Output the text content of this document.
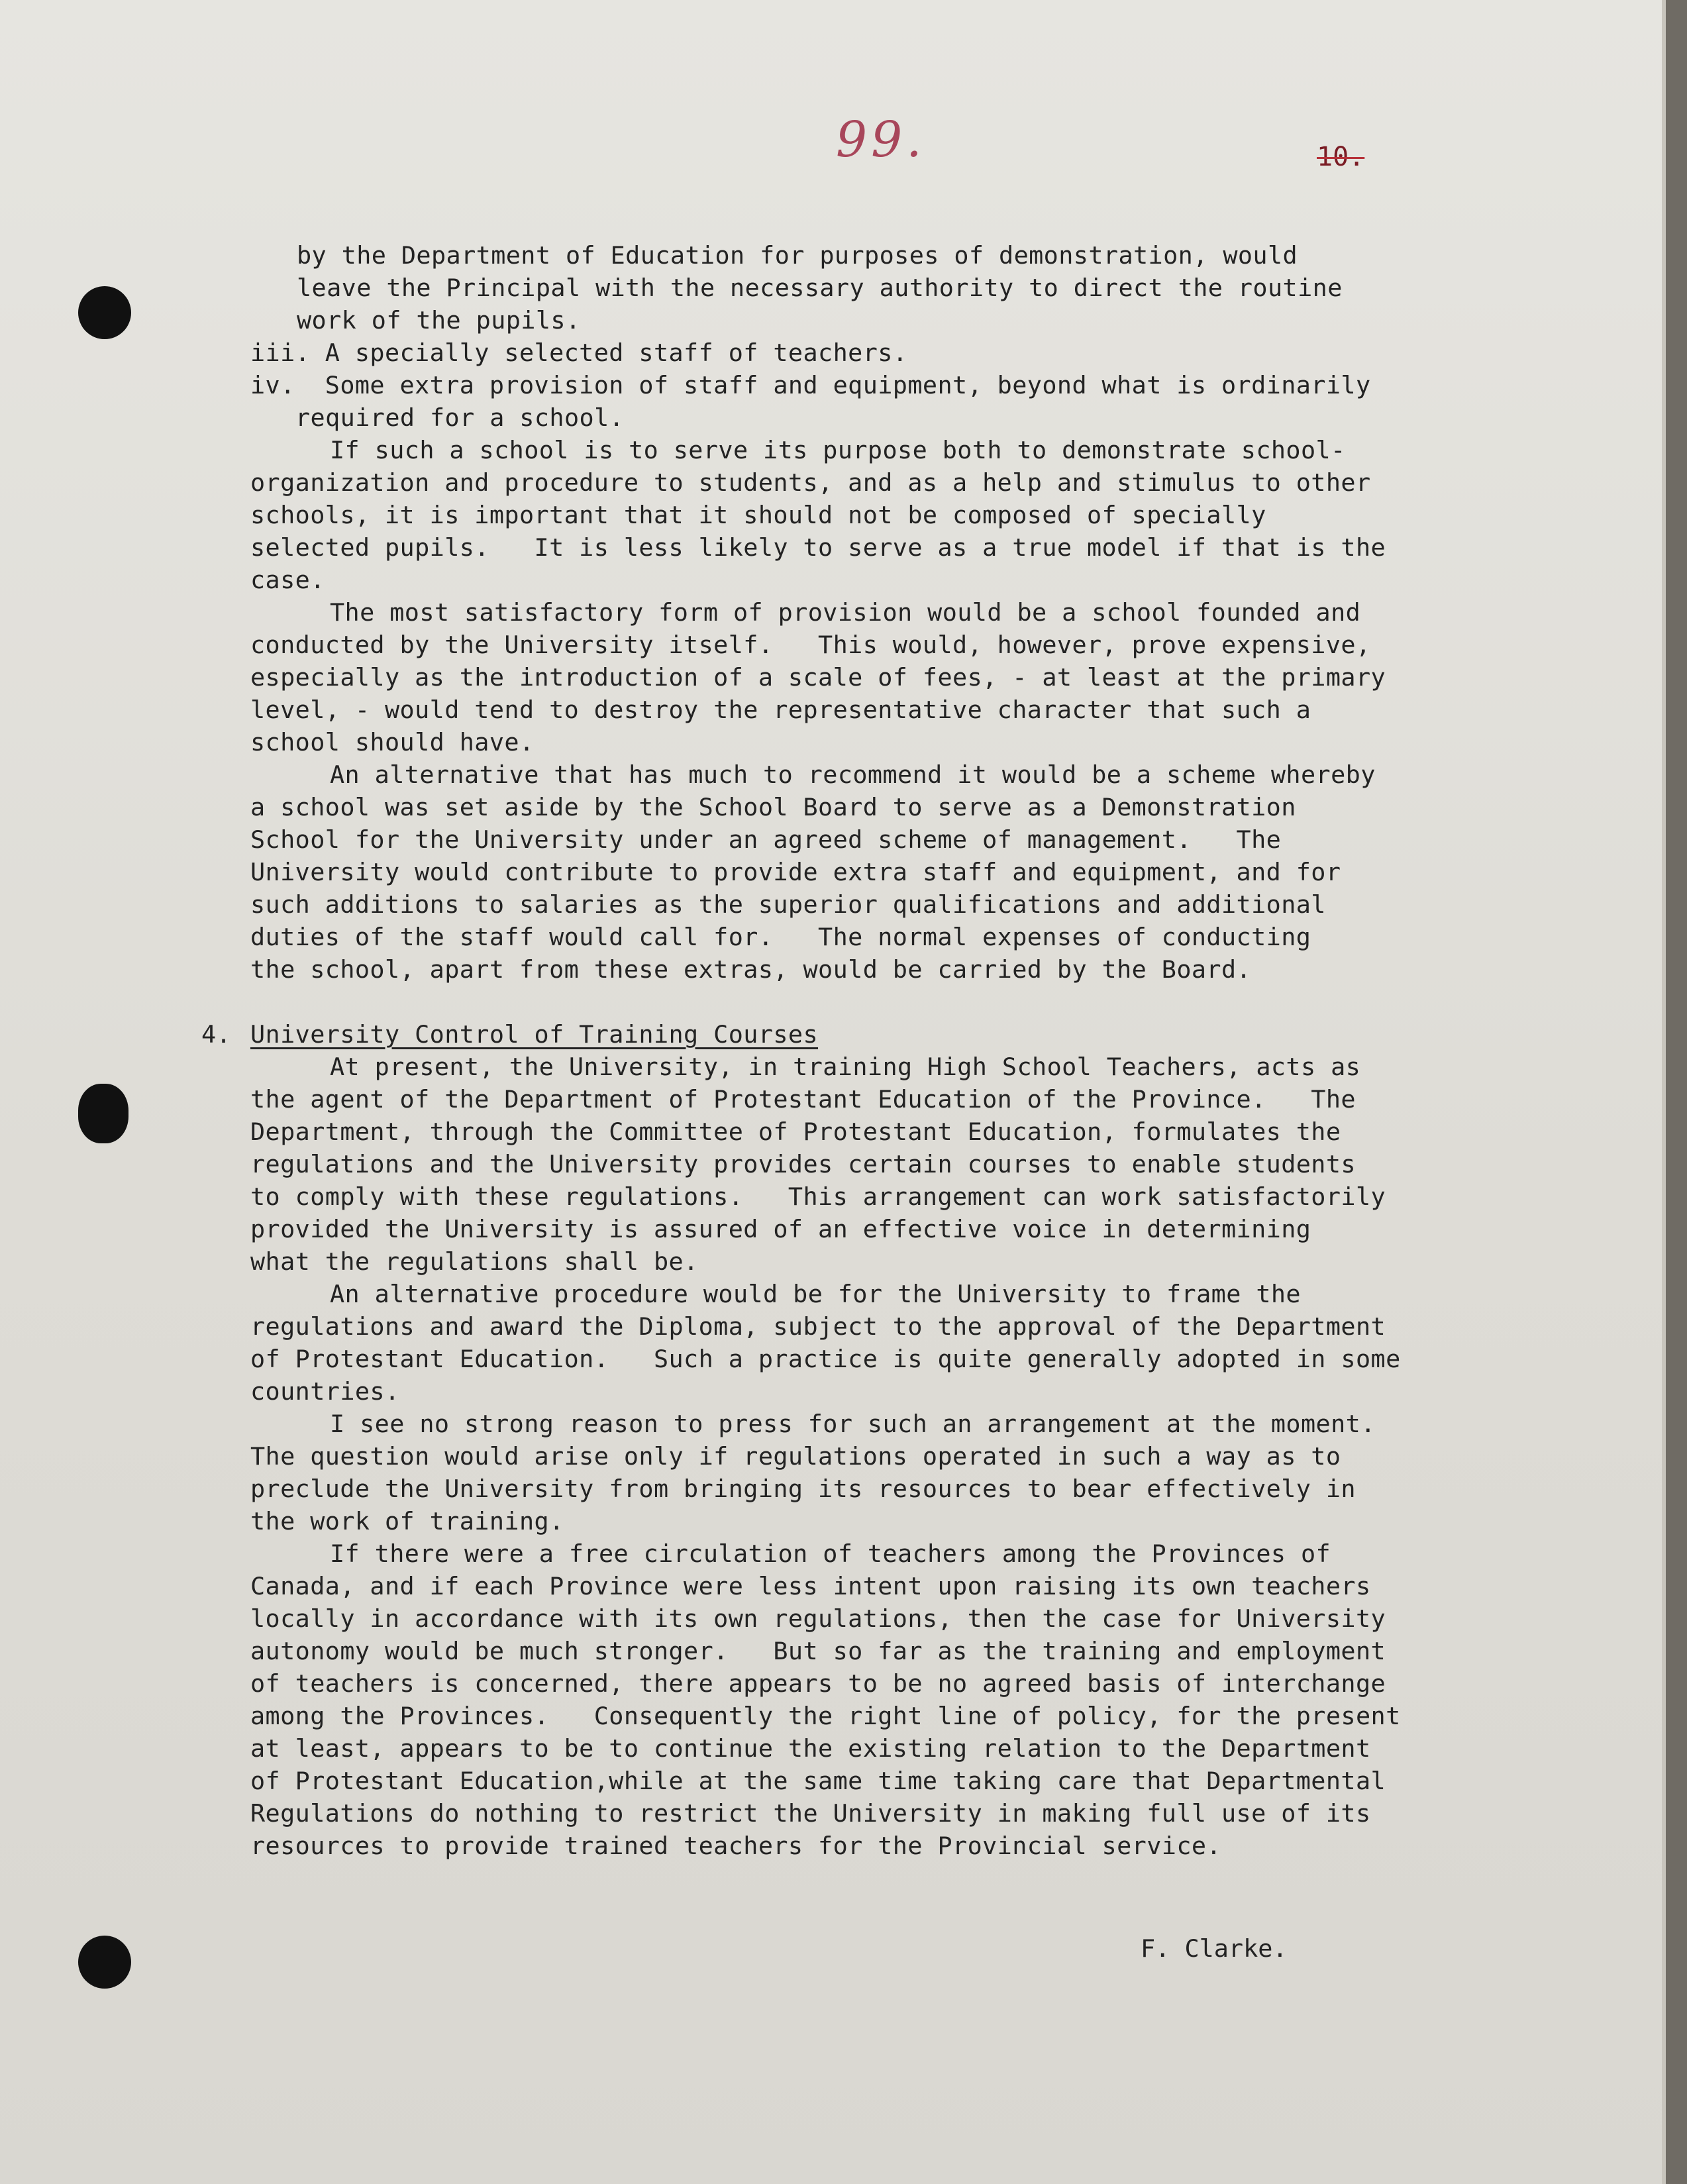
99.	10.
by the Department of Education for purposes of demonstration, would
leave the Principal with the necessary authority to direct the routine
work of the pupils.
iii. A specially selected staff of teachers.
iv.  Some extra provision of staff and equipment, beyond what is ordinarily
required for a school.
If such a school is to serve its purpose both to demonstrate school-
organization and procedure to students, and as a help and stimulus to other
schools, it is important that it should not be composed of specially
selected pupils.   It is less likely to serve as a true model if that is the
case.
The most satisfactory form of provision would be a school founded and
conducted by the University itself.   This would, however, prove expensive,
especially as the introduction of a scale of fees, - at least at the primary
level, - would tend to destroy the representative character that such a
school should have.
An alternative that has much to recommend it would be a scheme whereby
a school was set aside by the School Board to serve as a Demonstration
School for the University under an agreed scheme of management.   The
University would contribute to provide extra staff and equipment, and for
such additions to salaries as the superior qualifications and additional
duties of the staff would call for.   The normal expenses of conducting
the school, apart from these extras, would be carried by the Board.
4. University Control of Training Courses
At present, the University, in training High School Teachers, acts as
the agent of the Department of Protestant Education of the Province.   The
Department, through the Committee of Protestant Education, formulates the
regulations and the University provides certain courses to enable students
to comply with these regulations.   This arrangement can work satisfactorily
provided the University is assured of an effective voice in determining
what the regulations shall be.
An alternative procedure would be for the University to frame the
regulations and award the Diploma, subject to the approval of the Department
of Protestant Education.   Such a practice is quite generally adopted in some
countries.
I see no strong reason to press for such an arrangement at the moment.
The question would arise only if regulations operated in such a way as to
preclude the University from bringing its resources to bear effectively in
the work of training.
If there were a free circulation of teachers among the Provinces of
Canada, and if each Province were less intent upon raising its own teachers
locally in accordance with its own regulations, then the case for University
autonomy would be much stronger.   But so far as the training and employment
of teachers is concerned, there appears to be no agreed basis of interchange
among the Provinces.   Consequently the right line of policy, for the present
at least, appears to be to continue the existing relation to the Department
of Protestant Education,while at the same time taking care that Departmental
Regulations do nothing to restrict the University in making full use of its
resources to provide trained teachers for the Provincial service.
F. Clarke.
